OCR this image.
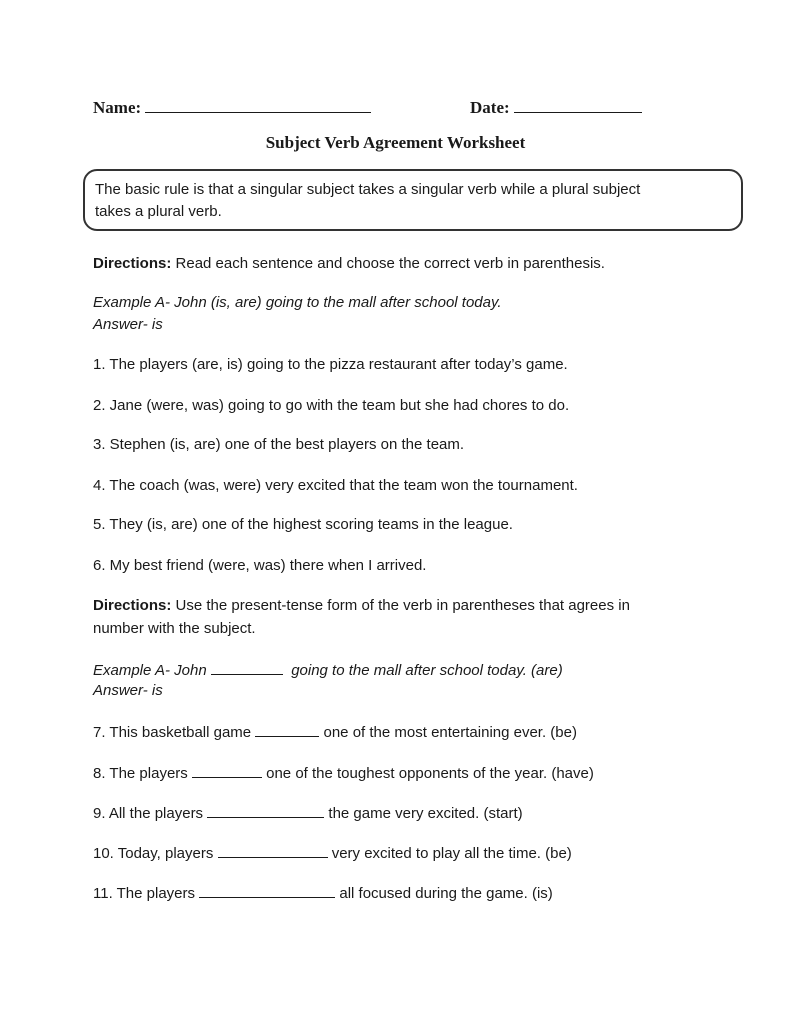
Name:	Date:
Subject Verb Agreement Worksheet

The basic rule is that a singular subject takes a singular verb while a plural subject
takes a plural verb.

Directions: Read each sentence and choose the correct verb in parenthesis.
Example A- John (is, are) going to the mall after school today.
Answer- is
1. The players (are, is) going to the pizza restaurant after today’s game.
2. Jane (were, was) going to go with the team but she had chores to do.
3. Stephen (is, are) one of the best players on the team.
4. The coach (was, were) very excited that the team won the tournament.
5. They (is, are) one of the highest scoring teams in the league.
6. My best friend (were, was) there when I arrived.
Directions: Use the present-tense form of the verb in parentheses that agrees in
number with the subject.
Example A- John	going to the mall after school today. (are)
Answer- is
7. This basketball game	one of the most entertaining ever. (be)
8. The players	one of the toughest opponents of the year. (have)
9. All the players	the game very excited. (start)
10. Today, players	very excited to play all the time. (be)
11. The players	all focused during the game. (is)
